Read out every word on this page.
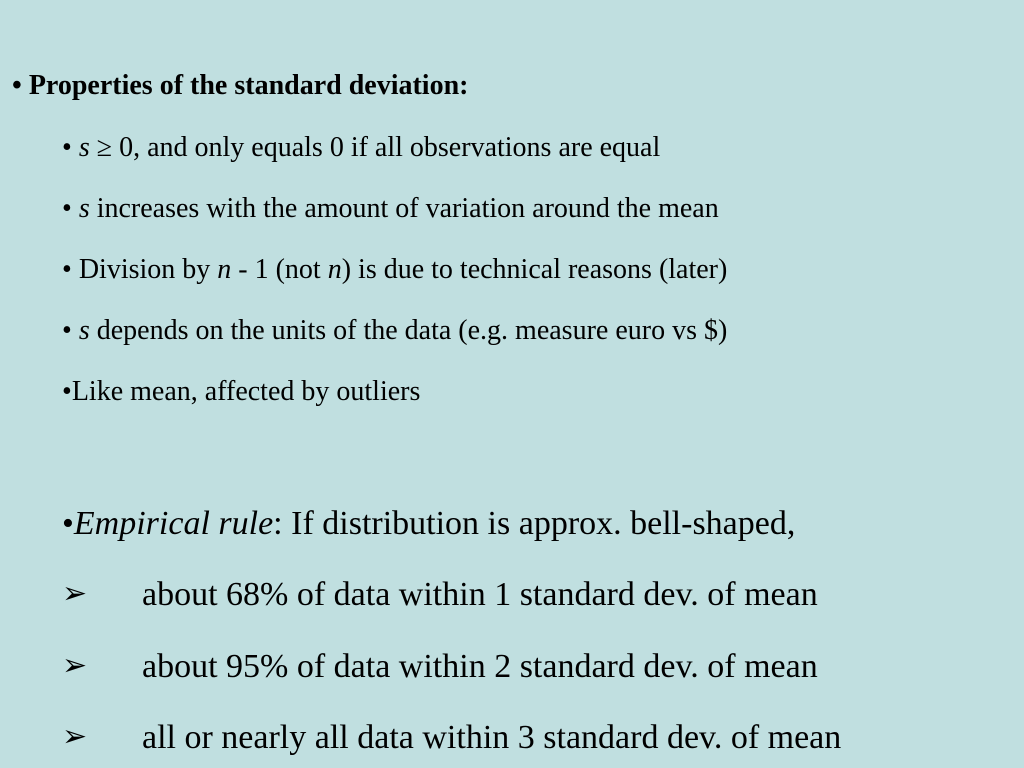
• Properties of the standard deviation:
• s ≥ 0, and only equals 0 if all observations are equal
• s increases with the amount of variation around the mean
• Division by n - 1 (not n) is due to technical reasons (later)
• s depends on the units of the data (e.g. measure euro vs $)
•Like mean, affected by outliers
•Empirical rule: If distribution is approx. bell-shaped,
➢ about 68% of data within 1 standard dev. of mean
➢ about 95% of data within 2 standard dev. of mean
➢ all or nearly all data within 3 standard dev. of mean
